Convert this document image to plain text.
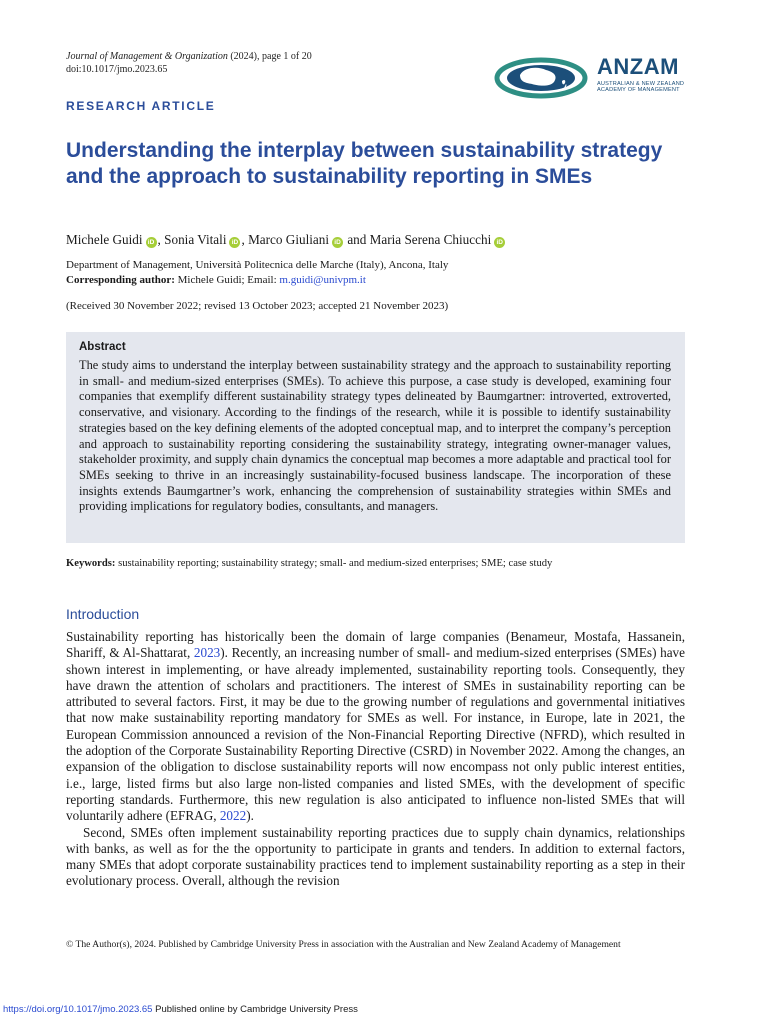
Journal of Management & Organization (2024), page 1 of 20
doi:10.1017/jmo.2023.65	ANZAM
AUSTRALIAN & NEW ZEALAND
ACADEMY OF MANAGEMENT
RESEARCH ARTICLE
Understanding the interplay between sustainability strategy and the approach to sustainability reporting in SMEs
Michele Guidi iD , Sonia Vitali iD , Marco Giuliani iD and Maria Serena Chiucchi iD
Department of Management, Università Politecnica delle Marche (Italy), Ancona, Italy
Corresponding author: Michele Guidi; Email: m.guidi@univpm.it
(Received 30 November 2022; revised 13 October 2023; accepted 21 November 2023)
Abstract

The study aims to understand the interplay between sustainability strategy and the approach to sustainability reporting in small- and medium-sized enterprises (SMEs). To achieve this purpose, a case study is developed, examining four companies that exemplify different sustainability strategy types delineated by Baumgartner: introverted, extroverted, conservative, and visionary. According to the findings of the research, while it is possible to identify sustainability strategies based on the key defining elements of the adopted conceptual map, and to interpret the company’s perception and approach to sustainability reporting considering the sustainability strategy, integrating owner-manager values, stakeholder proximity, and supply chain dynamics the conceptual map becomes a more adaptable and practical tool for SMEs seeking to thrive in an increasingly sustainability-focused business landscape. The incorporation of these insights extends Baumgartner’s work, enhancing the comprehension of sustainability strategies within SMEs and providing implications for regulatory bodies, consultants, and managers.

Keywords: sustainability reporting; sustainability strategy; small- and medium-sized enterprises; SME; case study
Introduction

Sustainability reporting has historically been the domain of large companies (Benameur, Mostafa, Hassanein, Shariff, & Al-Shattarat, 2023). Recently, an increasing number of small- and medium-sized enterprises (SMEs) have shown interest in implementing, or have already implemented, sustainability reporting tools. Consequently, they have drawn the attention of scholars and practitioners. The interest of SMEs in sustainability reporting can be attributed to several factors. First, it may be due to the growing number of regulations and governmental initiatives that now make sustainability reporting mandatory for SMEs as well. For instance, in Europe, late in 2021, the European Commission announced a revision of the Non-Financial Reporting Directive (NFRD), which resulted in the adoption of the Corporate Sustainability Reporting Directive (CSRD) in November 2022. Among the changes, an expansion of the obligation to disclose sustainability reports will now encompass not only public interest entities, i.e., large, listed firms but also large non-listed companies and listed SMEs, with the development of specific reporting standards. Furthermore, this new regulation is also anticipated to influence non-listed SMEs that will voluntarily adhere (EFRAG, 2022).

Second, SMEs often implement sustainability reporting practices due to supply chain dynamics, relationships with banks, as well as for the the opportunity to participate in grants and tenders. In addition to external factors, many SMEs that adopt corporate sustainability practices tend to implement sustainability reporting as a step in their evolutionary process. Overall, although the revision

© The Author(s), 2024. Published by Cambridge University Press in association with the Australian and New Zealand Academy of Management
https://doi.org/10.1017/jmo.2023.65 Published online by Cambridge University Press
